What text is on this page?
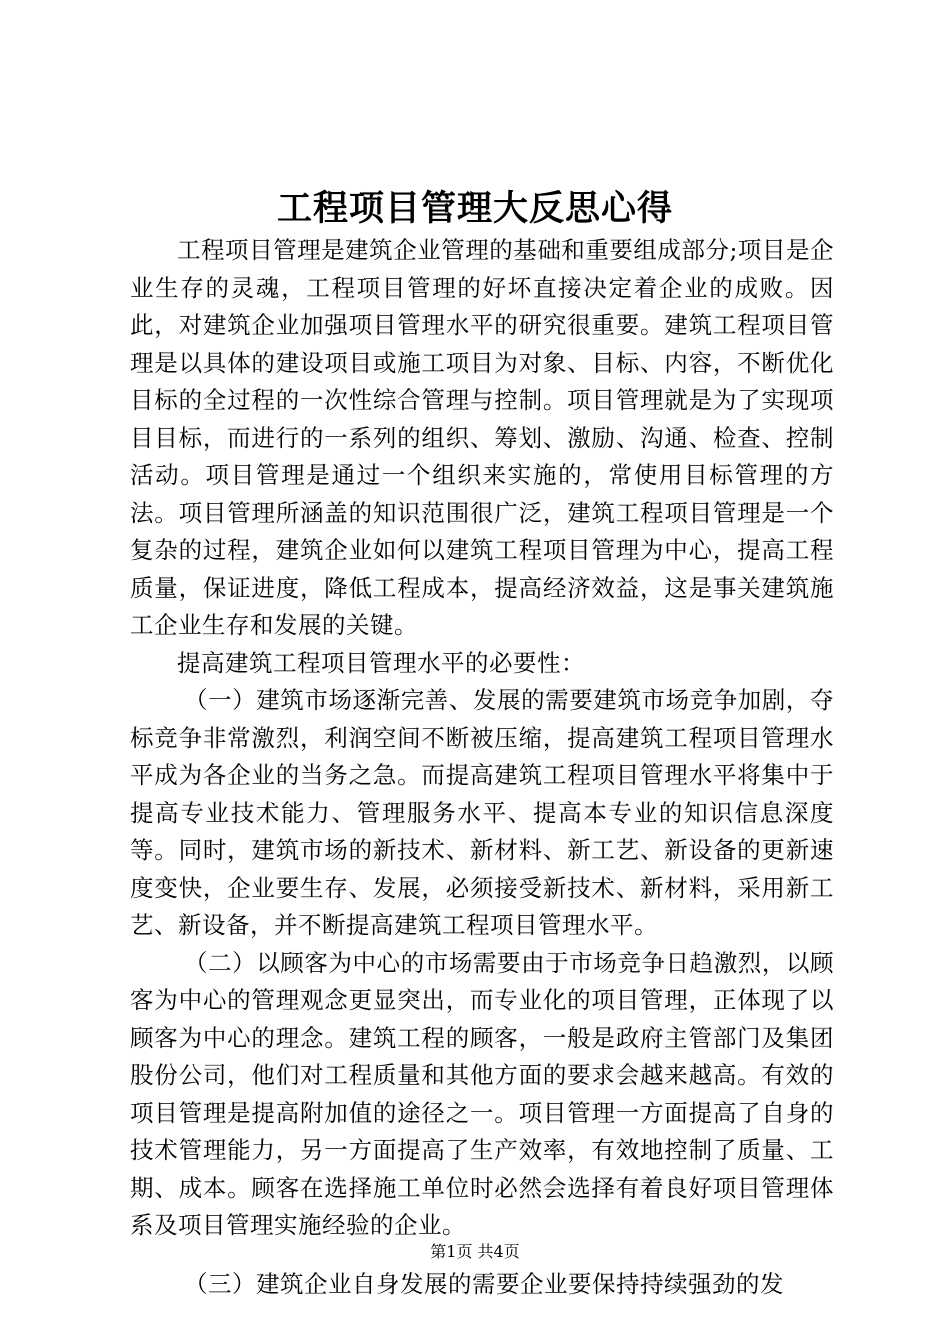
工程项目管理大反思心得

工程项目管理是建筑企业管理的基础和重要组成部分;项目是企业生存的灵魂，工程项目管理的好坏直接决定着企业的成败。因此，对建筑企业加强项目管理水平的研究很重要。建筑工程项目管理是以具体的建设项目或施工项目为对象、目标、内容，不断优化目标的全过程的一次性综合管理与控制。项目管理就是为了实现项目目标，而进行的一系列的组织、筹划、激励、沟通、检查、控制活动。项目管理是通过一个组织来实施的，常使用目标管理的方法。项目管理所涵盖的知识范围很广泛，建筑工程项目管理是一个复杂的过程，建筑企业如何以建筑工程项目管理为中心，提高工程质量，保证进度，降低工程成本，提高经济效益，这是事关建筑施工企业生存和发展的关键。

提高建筑工程项目管理水平的必要性：

（一）建筑市场逐渐完善、发展的需要建筑市场竞争加剧，夺标竞争非常激烈，利润空间不断被压缩，提高建筑工程项目管理水平成为各企业的当务之急。而提高建筑工程项目管理水平将集中于提高专业技术能力、管理服务水平、提高本专业的知识信息深度等。同时，建筑市场的新技术、新材料、新工艺、新设备的更新速度变快，企业要生存、发展，必须接受新技术、新材料，采用新工艺、新设备，并不断提高建筑工程项目管理水平。

（二）以顾客为中心的市场需要由于市场竞争日趋激烈，以顾客为中心的管理观念更显突出，而专业化的项目管理，正体现了以顾客为中心的理念。建筑工程的顾客，一般是政府主管部门及集团股份公司，他们对工程质量和其他方面的要求会越来越高。有效的项目管理是提高附加值的途径之一。项目管理一方面提高了自身的技术管理能力，另一方面提高了生产效率，有效地控制了质量、工期、成本。顾客在选择施工单位时必然会选择有着良好项目管理体系及项目管理实施经验的企业。

（三）建筑企业自身发展的需要企业要保持持续强劲的发

第1页 共4页
